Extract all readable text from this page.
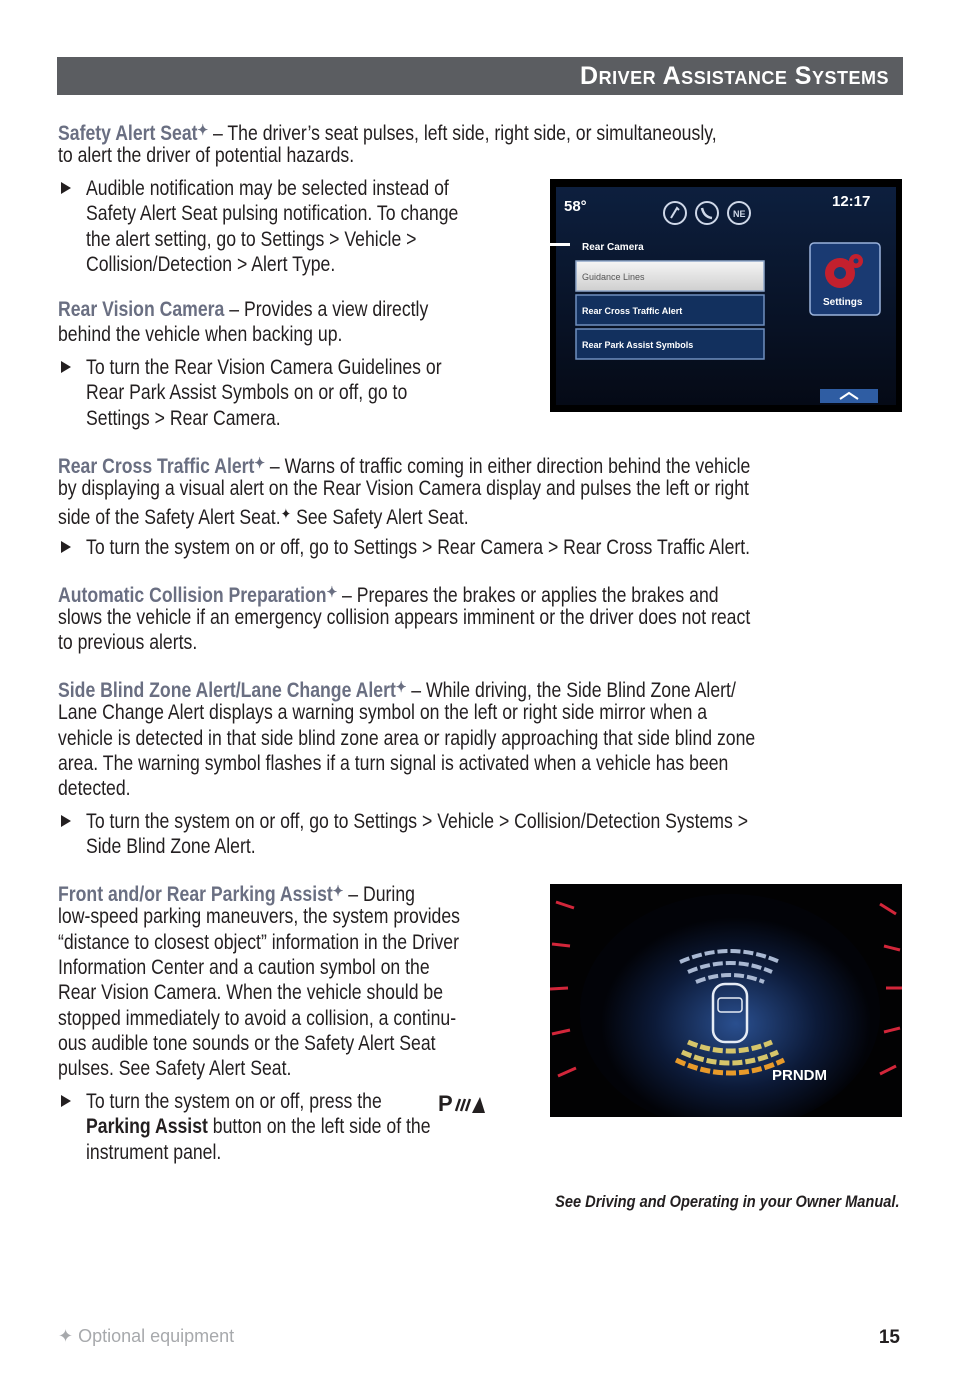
Driver Assistance Systems
Safety Alert Seat✦ – The driver’s seat pulses, left side, right side, or simultaneously,
to alert the driver of potential hazards.
Audible notification may be selected instead of
Safety Alert Seat pulsing notification. To change
the alert setting, go to Settings > Vehicle >
Collision/Detection > Alert Type.
Rear Vision Camera – Provides a view directly
behind the vehicle when backing up.
To turn the Rear Vision Camera Guidelines or
Rear Park Assist Symbols on or off, go to
Settings > Rear Camera.
58°	NE
12:17
Rear Camera
Guidance Lines
Rear Cross Traffic Alert
Rear Park Assist Symbols
Settings
Rear Cross Traffic Alert✦ – Warns of traffic coming in either direction behind the vehicle
by displaying a visual alert on the Rear Vision Camera display and pulses the left or right
side of the Safety Alert Seat.✦ See Safety Alert Seat.
To turn the system on or off, go to Settings > Rear Camera > Rear Cross Traffic Alert.
Automatic Collision Preparation✦ – Prepares the brakes or applies the brakes and
slows the vehicle if an emergency collision appears imminent or the driver does not react
to previous alerts.
Side Blind Zone Alert/Lane Change Alert✦ – While driving, the Side Blind Zone Alert/
Lane Change Alert displays a warning symbol on the left or right side mirror when a
vehicle is detected in that side blind zone area or rapidly approaching that side blind zone
area. The warning symbol flashes if a turn signal is activated when a vehicle has been
detected.
To turn the system on or off, go to Settings > Vehicle > Collision/Detection Systems >
Side Blind Zone Alert.
Front and/or Rear Parking Assist✦ – During
low-speed parking maneuvers, the system provides
“distance to closest object” information in the Driver
Information Center and a caution symbol on the
Rear Vision Camera. When the vehicle should be
stopped immediately to avoid a collision, a continu-
ous audible tone sounds or the Safety Alert Seat
pulses. See Safety Alert Seat.
To turn the system on or off, press the	P
Parking Assist button on the left side of the
instrument panel.
PRNDM
See Driving and Operating in your Owner Manual.
✦ Optional equipment	15
